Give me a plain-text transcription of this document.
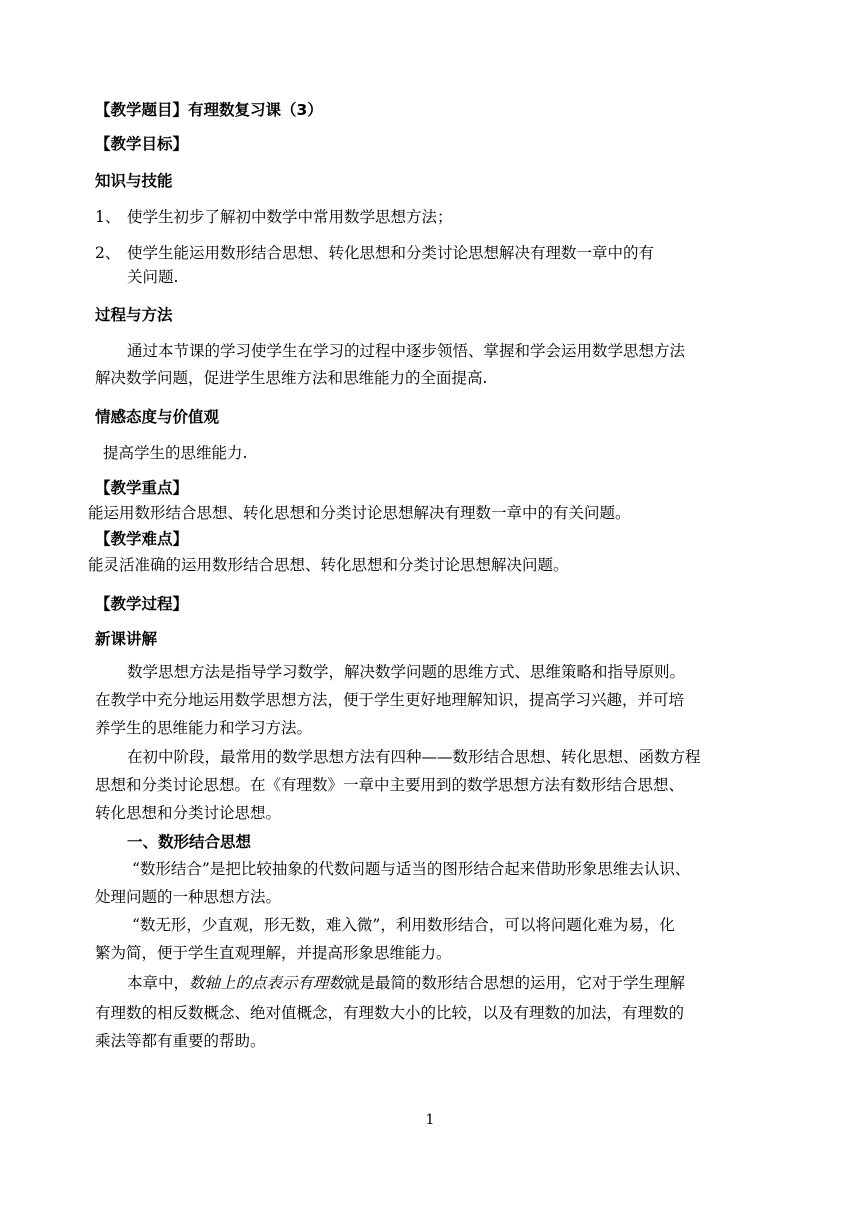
【教学题目】有理数复习课（3）
【教学目标】
知识与技能
1、 使学生初步了解初中数学中常用数学思想方法；
2、 使学生能运用数形结合思想、转化思想和分类讨论思想解决有理数一章中的有
关问题.
过程与方法
通过本节课的学习使学生在学习的过程中逐步领悟、掌握和学会运用数学思想方法
解决数学问题，促进学生思维方法和思维能力的全面提高.
情感态度与价值观
提高学生的思维能力.
【教学重点】
能运用数形结合思想、转化思想和分类讨论思想解决有理数一章中的有关问题。
【教学难点】
能灵活准确的运用数形结合思想、转化思想和分类讨论思想解决问题。
【教学过程】
新课讲解
数学思想方法是指导学习数学，解决数学问题的思维方式、思维策略和指导原则。
在教学中充分地运用数学思想方法，便于学生更好地理解知识，提高学习兴趣，并可培
养学生的思维能力和学习方法。
在初中阶段，最常用的数学思想方法有四种——数形结合思想、转化思想、函数方程
思想和分类讨论思想。在《有理数》一章中主要用到的数学思想方法有数形结合思想、
转化思想和分类讨论思想。
一、数形结合思想
“数形结合”是把比较抽象的代数问题与适当的图形结合起来借助形象思维去认识、
处理问题的一种思想方法。
“数无形，少直观，形无数，难入微”，利用数形结合，可以将问题化难为易，化
繁为简，便于学生直观理解，并提高形象思维能力。
本章中，数轴上的点表示有理数就是最简的数形结合思想的运用，它对于学生理解
有理数的相反数概念、绝对值概念，有理数大小的比较，以及有理数的加法，有理数的
乘法等都有重要的帮助。
1
